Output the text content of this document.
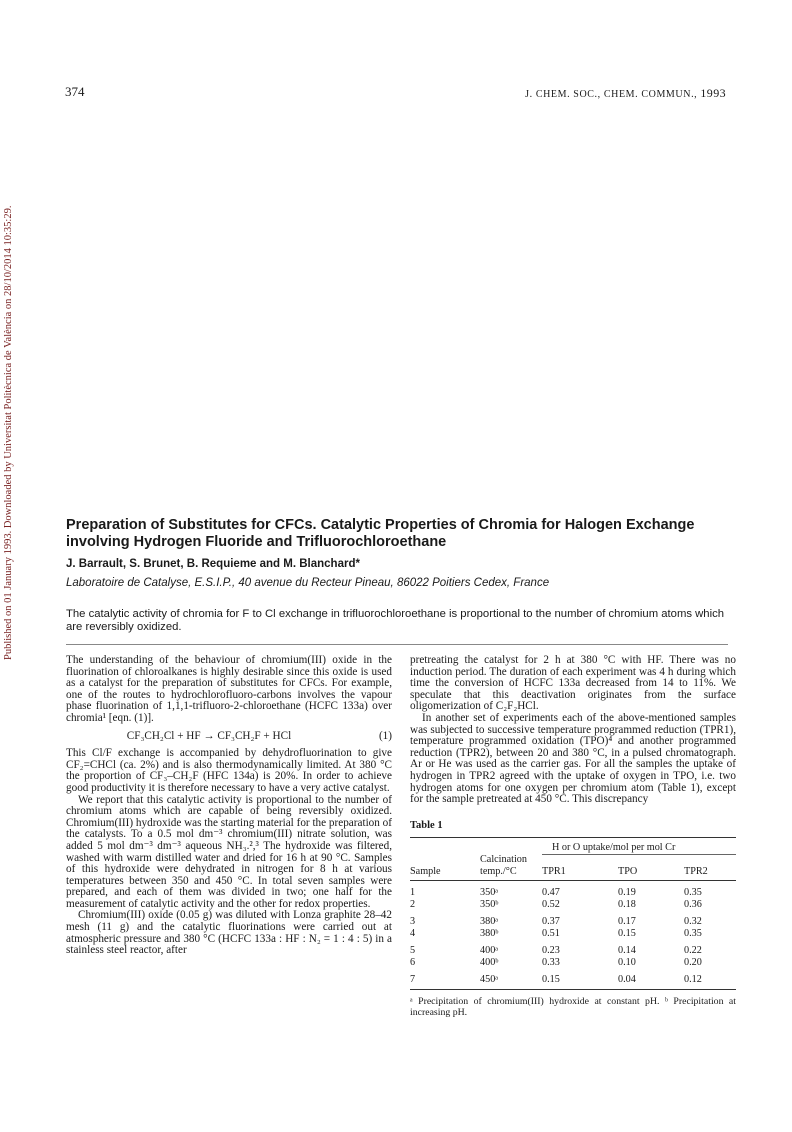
374	J. CHEM. SOC., CHEM. COMMUN., 1993
Published on 01 January 1993. Downloaded by Universitat Politècnica de València on 28/10/2014 10:35:29.	Preparation of Substitutes for CFCs. Catalytic Properties of Chromia for Halogen Exchange involving Hydrogen Fluoride and Trifluorochloroethane
J. Barrault, S. Brunet, B. Requieme and M. Blanchard*
Laboratoire de Catalyse, E.S.I.P., 40 avenue du Recteur Pineau, 86022 Poitiers Cedex, France

The catalytic activity of chromia for F to Cl exchange in trifluorochloroethane is proportional to the number of chromium atoms which are reversibly oxidized.

The understanding of the behaviour of chromium(III) oxide in the fluorination of chloroalkanes is highly desirable since this oxide is used as a catalyst for the preparation of substitutes for CFCs. For example, one of the routes to hydrochlorofluoro-carbons involves the vapour phase fluorination of 1,1,1-trifluoro-2-chloroethane (HCFC 133a) over chromia¹ [eqn. (1)].

CF₃CH₂Cl + HF → CF₃CH₂F + HCl	(1)

This Cl/F exchange is accompanied by dehydrofluorination to give CF₂=CHCl (ca. 2%) and is also thermodynamically limited. At 380 °C the proportion of CF₃–CH₂F (HFC 134a) is 20%. In order to achieve good productivity it is therefore necessary to have a very active catalyst.

We report that this catalytic activity is proportional to the number of chromium atoms which are capable of being reversibly oxidized. Chromium(III) hydroxide was the starting material for the preparation of the catalysts. To a 0.5 mol dm⁻³ chromium(III) nitrate solution, was added 5 mol dm⁻³ dm⁻³ aqueous NH₃.²,³ The hydroxide was filtered, washed with warm distilled water and dried for 16 h at 90 °C. Samples of this hydroxide were dehydrated in nitrogen for 8 h at various temperatures between 350 and 450 °C. In total seven samples were prepared, and each of them was divided in two; one half for the measurement of catalytic activity and the other for redox properties.

Chromium(III) oxide (0.05 g) was diluted with Lonza graphite 28–42 mesh (11 g) and the catalytic fluorinations were carried out at atmospheric pressure and 380 °C (HCFC 133a : HF : N₂ = 1 : 4 : 5) in a stainless steel reactor, after

pretreating the catalyst for 2 h at 380 °C with HF. There was no induction period. The duration of each experiment was 4 h during which time the conversion of HCFC 133a decreased from 14 to 11%. We speculate that this deactivation originates from the surface oligomerization of C₂F₂HCl.

In another set of experiments each of the above-mentioned samples was subjected to successive temperature programmed reduction (TPR1), temperature programmed oxidation (TPO)⁴ and another programmed reduction (TPR2), between 20 and 380 °C, in a pulsed chromatograph. Ar or He was used as the carrier gas. For all the samples the uptake of hydrogen in TPR2 agreed with the uptake of oxygen in TPO, i.e. two hydrogen atoms for one oxygen per chromium atom (Table 1), except for the sample pretreated at 450 °C. This discrepancy

Table 1

		H or O uptake/mol per mol Cr		
	Calcination			
Sample	temp./°C	TPR1	TPO	TPR2

1	350ᵃ	0.47	0.19	0.35
2	350ᵇ	0.52	0.18	0.36

3	380ᵃ	0.37	0.17	0.32
4	380ᵇ	0.51	0.15	0.35

5	400ᵃ	0.23	0.14	0.22
6	400ᵇ	0.33	0.10	0.20

7	450ᵃ	0.15	0.04	0.12

ᵃ Precipitation of chromium(III) hydroxide at constant pH. ᵇ Precipitation at increasing pH.
